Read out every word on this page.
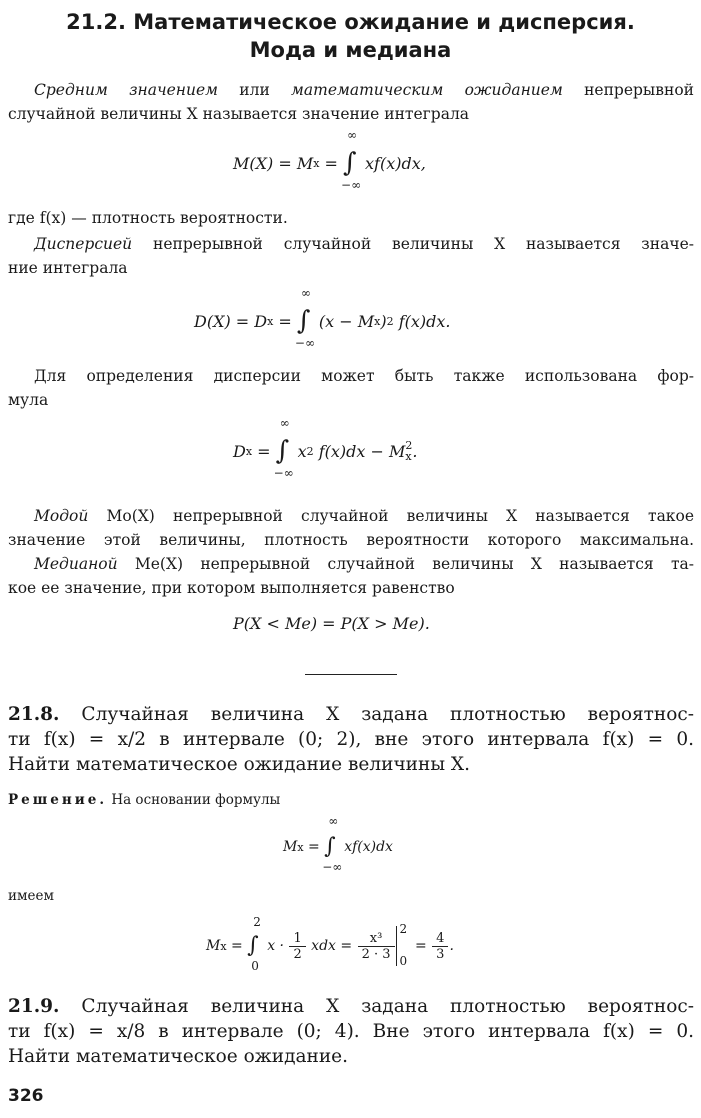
21.2. Математическое ожидание и дисперсия.
Мода и медиана
Средним значением или математическим ожиданием непрерывной
случайной величины X называется значение интеграла
M(X) = M x =
∞
∫
−∞
xf(x)dx,
где f(x) — плотность вероятности.
Дисперсией непрерывной случайной величины X называется значе-
ние интеграла
D(X) = D x =
∞
∫
−∞
(x − M x ) 2 f(x)dx.
Для определения дисперсии может быть также использована фор-
мула
D x =
∞
∫
−∞
x 2 f(x)dx − M 2
x .
Модой Mo(X) непрерывной случайной величины X называется такое
значение этой величины, плотность вероятности которого максимальна.
Медианой Me(X) непрерывной случайной величины X называется та-
кое ее значение, при котором выполняется равенство
P(X < Me) = P(X > Me).
21.8. Случайная величина X задана плотностью вероятнос-
ти f(x) = x/2 в интервале (0; 2), вне этого интервала f(x) = 0.
Найти математическое ожидание величины X.
Решение. На основании формулы
M x =
∞
∫
−∞
xf(x)dx
имеем
M x =
2
∫
0
$x \cdot \frac{1}{2}$ xdx = $\frac{\text{x³}}{2 \cdot 3}$
2
0
= $\frac{4}{3}$ .
21.9. Случайная величина X задана плотностью вероятнос-
ти f(x) = x/8 в интервале (0; 4). Вне этого интервала f(x) = 0.
Найти математическое ожидание.
326
